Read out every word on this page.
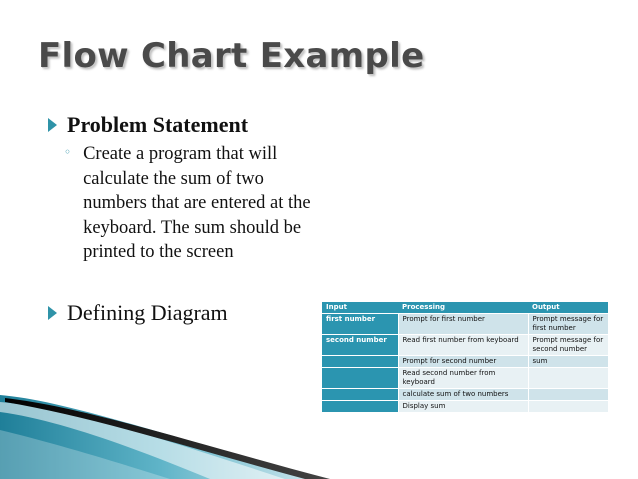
Flow Chart Example
Problem Statement
◦ Create a program that will calculate the sum of two numbers that are entered at the keyboard. The sum should be printed to the screen
Defining Diagram	Input	Processing	Output
first number	Prompt for first number	Prompt message for first number
second number	Read first number from keyboard	Prompt message for second number
	Prompt for second number	sum
	Read second number from keyboard	
	calculate sum of two numbers	
	Display sum	
